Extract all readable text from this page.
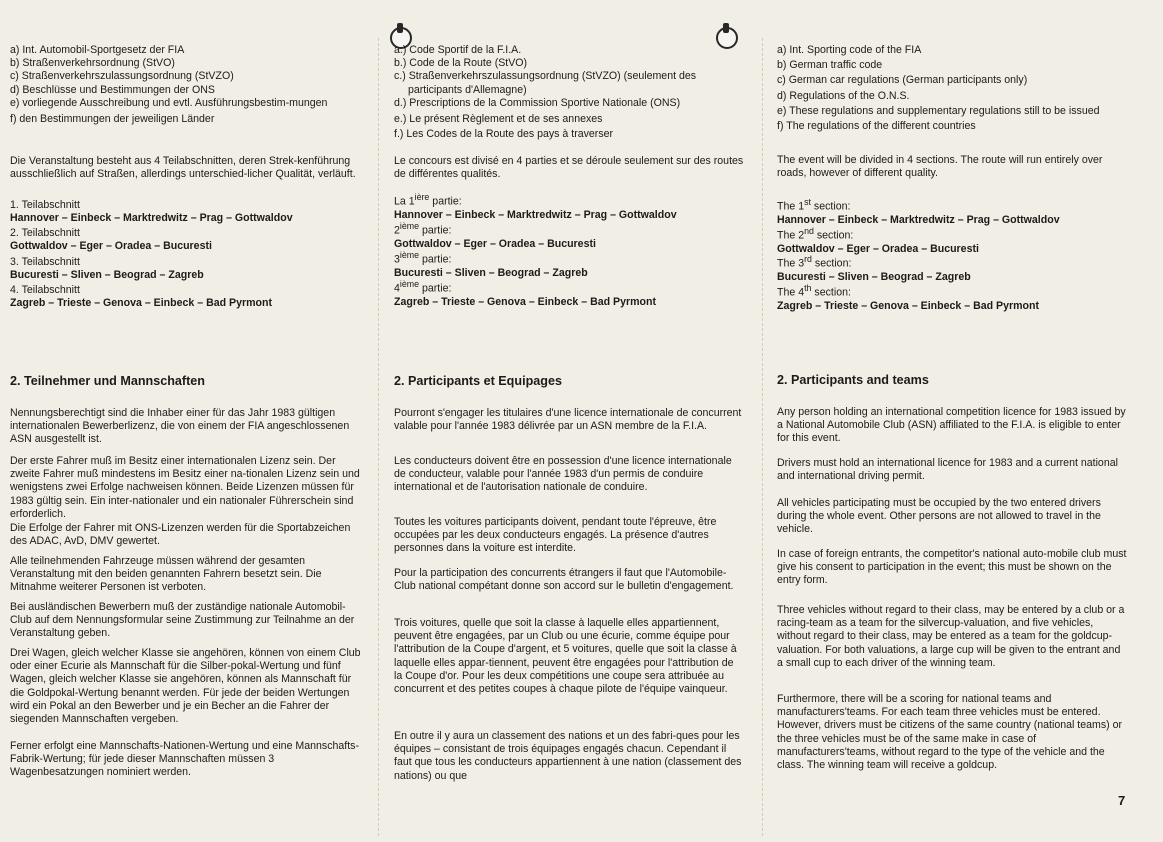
a) Int. Automobil-Sportgesetz der FIA

b) Straßenverkehrsordnung (StVO)

c) Straßenverkehrszulassungsordnung (StVZO)

d) Beschlüsse und Bestimmungen der ONS

e) vorliegende Ausschreibung und evtl. Ausführungsbestim-mungen

f) den Bestimmungen der jeweiligen Länder

Die Veranstaltung besteht aus 4 Teilabschnitten, deren Strek-kenführung ausschließlich auf Straßen, allerdings unterschied-licher Qualität, verläuft.

1. Teilabschnitt

Hannover – Einbeck – Marktredwitz – Prag – Gottwaldov

2. Teilabschnitt

Gottwaldov – Eger – Oradea – Bucuresti

3. Teilabschnitt

Bucuresti – Sliven – Beograd – Zagreb

4. Teilabschnitt

Zagreb – Trieste – Genova – Einbeck – Bad Pyrmont

2. Teilnehmer und Mannschaften

Nennungsberechtigt sind die Inhaber einer für das Jahr 1983 gültigen internationalen Bewerberlizenz, die von einem der FIA angeschlossenen ASN ausgestellt ist.

Der erste Fahrer muß im Besitz einer internationalen Lizenz sein. Der zweite Fahrer muß mindestens im Besitz einer na-tionalen Lizenz sein und wenigstens zwei Erfolge nachweisen können. Beide Lizenzen müssen für 1983 gültig sein. Ein inter-nationaler und ein nationaler Führerschein sind erforderlich.

Die Erfolge der Fahrer mit ONS-Lizenzen werden für die Sportabzeichen des ADAC, AvD, DMV gewertet.

Alle teilnehmenden Fahrzeuge müssen während der gesamten Veranstaltung mit den beiden genannten Fahrern besetzt sein. Die Mitnahme weiterer Personen ist verboten.

Bei ausländischen Bewerbern muß der zuständige nationale Automobil-Club auf dem Nennungsformular seine Zustimmung zur Teilnahme an der Veranstaltung geben.

Drei Wagen, gleich welcher Klasse sie angehören, können von einem Club oder einer Ecurie als Mannschaft für die Silber-pokal-Wertung und fünf Wagen, gleich welcher Klasse sie angehören, können als Mannschaft für die Goldpokal-Wertung benannt werden. Für jede der beiden Wertungen wird ein Pokal an den Bewerber und je ein Becher an die Fahrer der siegenden Mannschaften vergeben.

Ferner erfolgt eine Mannschafts-Nationen-Wertung und eine Mannschafts-Fabrik-Wertung; für jede dieser Mannschaften müssen 3 Wagenbesatzungen nominiert werden.

a.) Code Sportif de la F.I.A.

b.) Code de la Route (StVO)

c.) Straßenverkehrszulassungsordnung (StVZO) (seulement des participants d'Allemagne)

d.) Prescriptions de la Commission Sportive Nationale (ONS)

e.) Le présent Règlement et de ses annexes

f.) Les Codes de la Route des pays à traverser

Le concours est divisé en 4 parties et se déroule seulement sur des routes de différentes qualités.

La $1^{ière}$ partie:

Hannover – Einbeck – Marktredwitz – Prag – Gottwaldov

2ième partie:

Gottwaldov – Eger – Oradea – Bucuresti

3ième partie:

Bucuresti – Sliven – Beograd – Zagreb

4ième partie:

Zagreb – Trieste – Genova – Einbeck – Bad Pyrmont

2. Participants et Equipages

Pourront s'engager les titulaires d'une licence internationale de concurrent valable pour l'année 1983 délivrée par un ASN membre de la F.I.A.

Les conducteurs doivent être en possession d'une licence internationale de conducteur, valable pour l'année 1983 d'un permis de conduire international et de l'autorisation nationale de conduire.

Toutes les voitures participants doivent, pendant toute l'épreuve, être occupées par les deux conducteurs engagés. La présence d'autres personnes dans la voiture est interdite.

Pour la participation des concurrents étrangers il faut que l'Automobile-Club national compétant donne son accord sur le bulletin d'engagement.

Trois voitures, quelle que soit la classe à laquelle elles appartiennent, peuvent être engagées, par un Club ou une écurie, comme équipe pour l'attribution de la Coupe d'argent, et 5 voitures, quelle que soit la classe à laquelle elles appar-tiennent, peuvent être engagées pour l'attribution de la Coupe d'or. Pour les deux compétitions une coupe sera attribuée au concurrent et des petites coupes à chaque pilote de l'équipe vainqueur.

En outre il y aura un classement des nations et un des fabri-ques pour les équipes – consistant de trois équipages engagés chacun. Cependant il faut que tous les conducteurs appartiennent à une nation (classement des nations) ou que

a) Int. Sporting code of the FIA

b) German traffic code

c) German car regulations (German participants only)

d) Regulations of the O.N.S.

e) These regulations and supplementary regulations still to be issued

f) The regulations of the different countries

The event will be divided in 4 sections. The route will run entirely over roads, however of different quality.

The 1st section:

Hannover – Einbeck – Marktredwitz – Prag – Gottwaldov

The 2nd section:

Gottwaldov – Eger – Oradea – Bucuresti

The 3rd section:

Bucuresti – Sliven – Beograd – Zagreb

The 4th section:

Zagreb – Trieste – Genova – Einbeck – Bad Pyrmont

2. Participants and teams

Any person holding an international competition licence for 1983 issued by a National Automobile Club (ASN) affiliated to the F.I.A. is eligible to enter for this event.

Drivers must hold an international licence for 1983 and a current national and international driving permit.

All vehicles participating must be occupied by the two entered drivers during the whole event. Other persons are not allowed to travel in the vehicle.

In case of foreign entrants, the competitor's national auto-mobile club must give his consent to participation in the event; this must be shown on the entry form.

Three vehicles without regard to their class, may be entered by a club or a racing-team as a team for the silvercup-valuation, and five vehicles, without regard to their class, may be entered as a team for the goldcup-valuation. For both valuations, a large cup will be given to the entrant and a small cup to each driver of the winning team.

Furthermore, there will be a scoring for national teams and manufacturers'teams. For each team three vehicles must be entered. However, drivers must be citizens of the same country (national teams) or the three vehicles must be of the same make in case of manufacturers'teams, without regard to the type of the vehicle and the class. The winning team will receive a goldcup.

7
